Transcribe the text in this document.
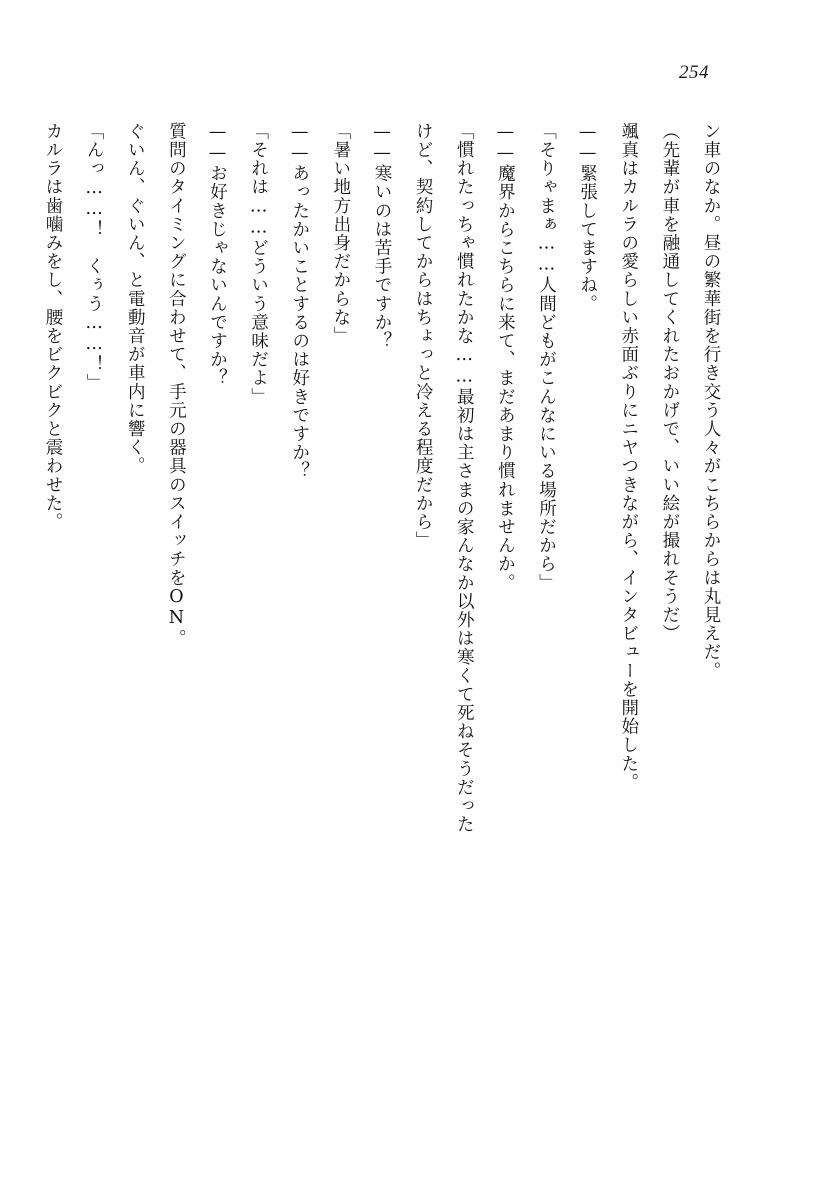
254

ン車のなか。昼の繁華街を行き交う人々がこちらからは丸見えだ。

（先輩が車を融通してくれたおかげで、いい絵が撮れそうだ）

颯真はカルラの愛らしい赤面ぶりにニヤつきながら、インタビューを開始した。

——緊張してますね。

「そりゃまぁ……人間どもがこんなにいる場所だから」

——魔界からこちらに来て、まだあまり慣れませんか。

「慣れたっちゃ慣れたかな……最初は主さまの家んなか以外は寒くて死ねそうだった

けど、契約してからはちょっと冷える程度だから」

——寒いのは苦手ですか？

「暑い地方出身だからな」

——あったかいことするのは好きですか？

「それは……どういう意味だよ」

——お好きじゃないんですか？

質問のタイミングに合わせて、手元の器具のスイッチをON。

ぐいん、ぐいん、と電動音が車内に響く。

「んっ……！　くぅう……！」

カルラは歯噛みをし、腰をビクビクと震わせた。
